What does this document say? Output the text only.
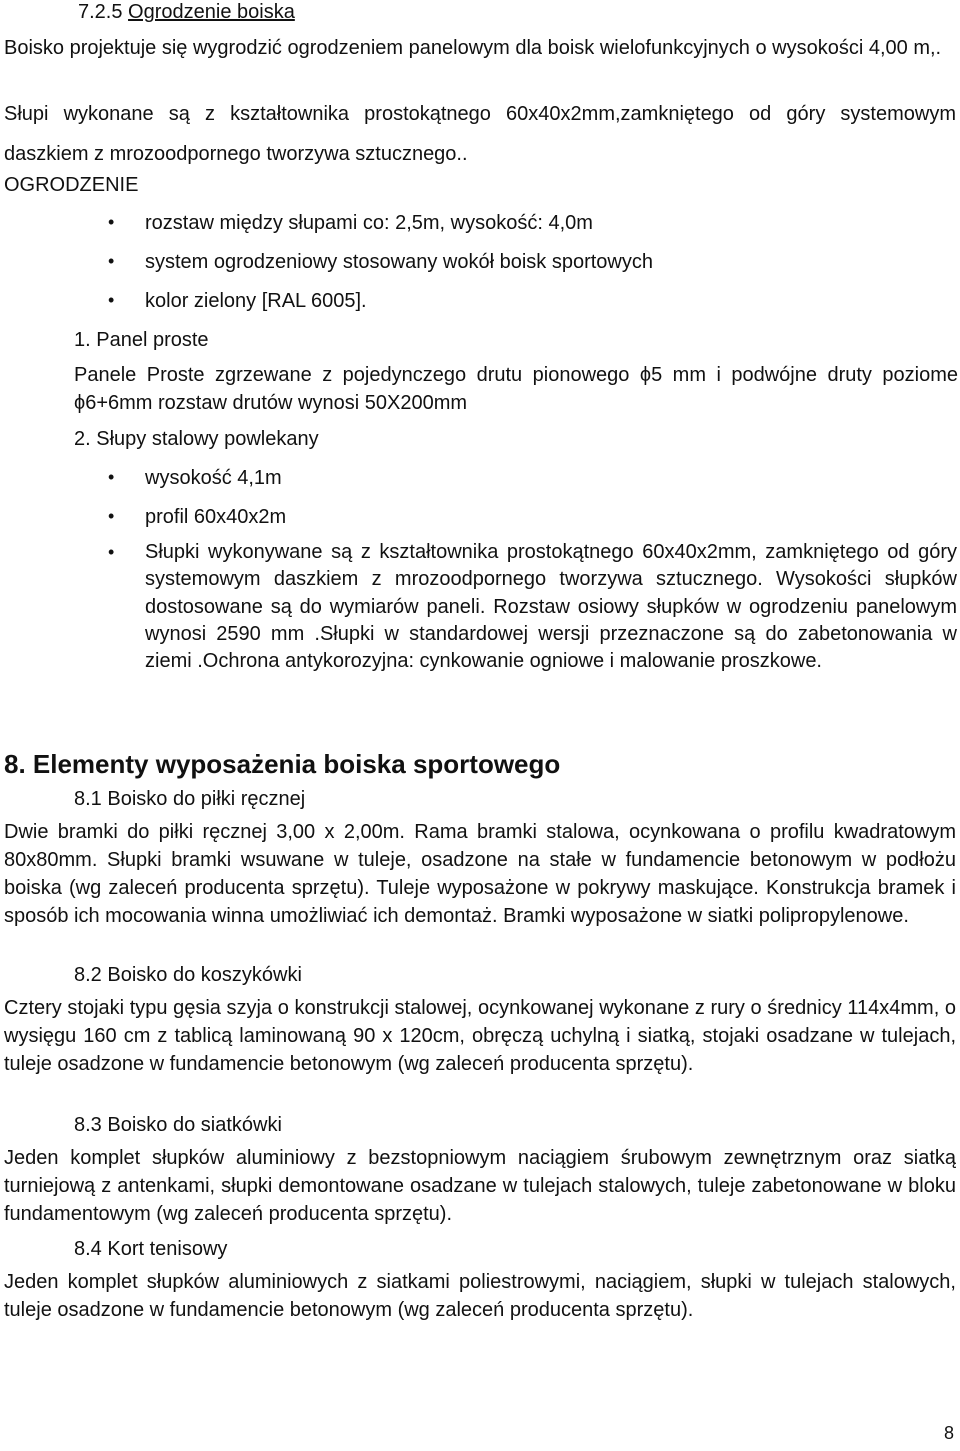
7.2.5 Ogrodzenie boiska
Boisko projektuje się wygrodzić ogrodzeniem panelowym dla boisk wielofunkcyjnych o wysokości 4,00 m,.
Słupi wykonane są z kształtownika prostokątnego 60x40x2mm,zamkniętego od góry systemowym daszkiem z mrozoodpornego tworzywa sztucznego..
OGRODZENIE
• rozstaw między słupami co: 2,5m, wysokość: 4,0m
• system ogrodzeniowy stosowany wokół boisk sportowych
• kolor zielony [RAL 6005].
1. Panel proste
Panele Proste zgrzewane z pojedynczego drutu pionowego ϕ5 mm i podwójne druty poziome ϕ6+6mm rozstaw drutów wynosi 50X200mm
2. Słupy stalowy powlekany
• wysokość 4,1m
• profil 60x40x2m
• Słupki wykonywane są z kształtownika prostokątnego 60x40x2mm, zamkniętego od góry systemowym daszkiem z mrozoodpornego tworzywa sztucznego. Wysokości słupków dostosowane są do wymiarów paneli. Rozstaw osiowy słupków w ogrodzeniu panelowym wynosi 2590 mm .Słupki w standardowej wersji przeznaczone są do zabetonowania w ziemi .Ochrona antykorozyjna: cynkowanie ogniowe i malowanie proszkowe.
8. Elementy wyposażenia boiska sportowego
8.1 Boisko do piłki ręcznej
Dwie bramki do piłki ręcznej 3,00 x 2,00m. Rama bramki stalowa, ocynkowana o profilu kwadratowym 80x80mm. Słupki bramki wsuwane w tuleje, osadzone na stałe w fundamencie betonowym w podłożu boiska (wg zaleceń producenta sprzętu). Tuleje wyposażone w pokrywy maskujące. Konstrukcja bramek i sposób ich mocowania winna umożliwiać ich demontaż. Bramki wyposażone w siatki polipropylenowe.
8.2 Boisko do koszykówki
Cztery stojaki typu gęsia szyja o konstrukcji stalowej, ocynkowanej wykonane z rury o średnicy 114x4mm, o wysięgu 160 cm z tablicą laminowaną 90 x 120cm, obręczą uchylną i siatką, stojaki osadzane w tulejach, tuleje osadzone w fundamencie betonowym (wg zaleceń producenta sprzętu).
8.3 Boisko do siatkówki
Jeden komplet słupków aluminiowy z bezstopniowym naciągiem śrubowym zewnętrznym oraz siatką turniejową z antenkami, słupki demontowane osadzane w tulejach stalowych, tuleje zabetonowane w bloku fundamentowym (wg zaleceń producenta sprzętu).
8.4 Kort tenisowy
Jeden komplet słupków aluminiowych z siatkami poliestrowymi, naciągiem, słupki w tulejach stalowych, tuleje osadzone w fundamencie betonowym (wg zaleceń producenta sprzętu).
8
